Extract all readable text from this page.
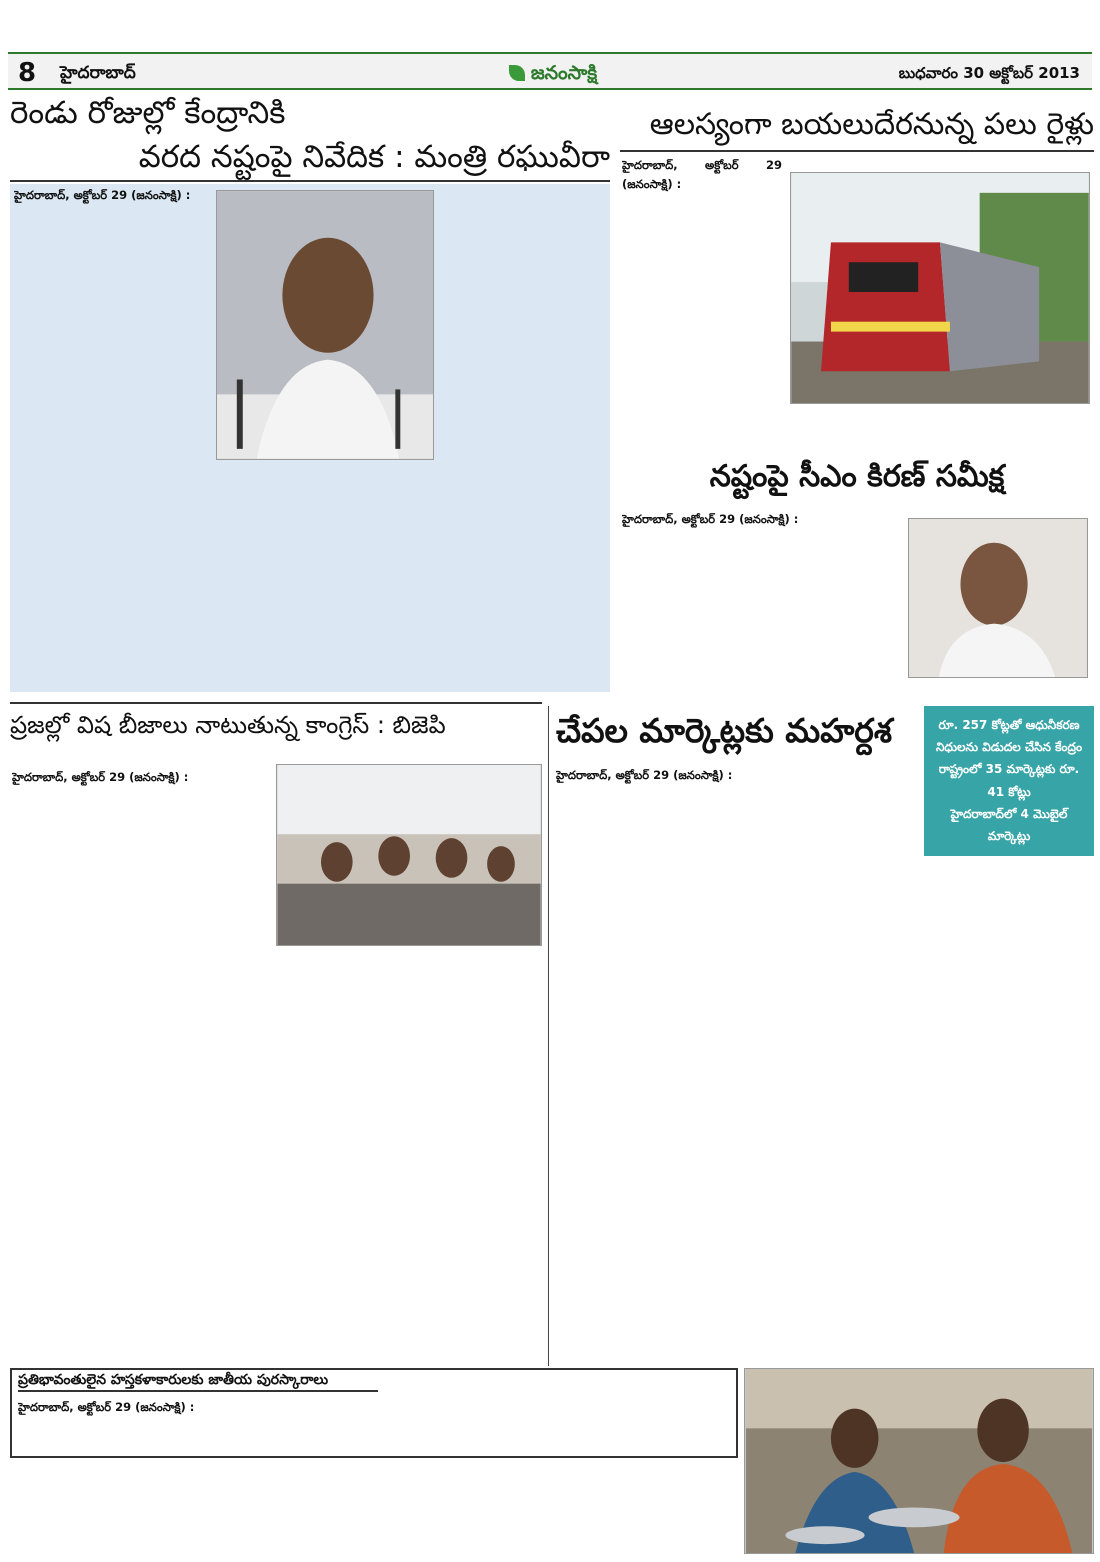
8 హైదరాబాద్	జనంసాక్షి	బుధవారం 30 అక్టోబర్ 2013
రెండు రోజుల్లో కేంద్రానికి
వరద నష్టంపై నివేదిక : మంత్రి రఘువీరా
హైదరాబాద్, అక్టోబర్ 29 (జనంసాక్షి) :
ఆలస్యంగా బయలుదేరనున్న పలు రైళ్లు
హైదరాబాద్, అక్టోబర్ 29 (జనంసాక్షి) :
22319
నష్టంపై సీఎం కిరణ్ సమీక్ష
హైదరాబాద్, అక్టోబర్ 29 (జనంసాక్షి) :
ప్రజల్లో విష బీజాలు నాటుతున్న కాంగ్రెస్ : బిజెపి
హైదరాబాద్, అక్టోబర్ 29 (జనంసాక్షి) :
చేపల మార్కెట్లకు మహర్దశ	రూ. 257 కోట్లతో ఆధునీకరణ
నిధులను విడుదల చేసిన కేంద్రం
రాష్ట్రంలో 35 మార్కెట్లకు రూ.
41 కోట్లు
హైదరాబాద్‌లో 4 మొబైల్
మార్కెట్లు
హైదరాబాద్, అక్టోబర్ 29 (జనంసాక్షి) :
ప్రతిభావంతులైన హస్తకళాకారులకు జాతీయ పురస్కారాలు
హైదరాబాద్, అక్టోబర్ 29 (జనంసాక్షి) :
